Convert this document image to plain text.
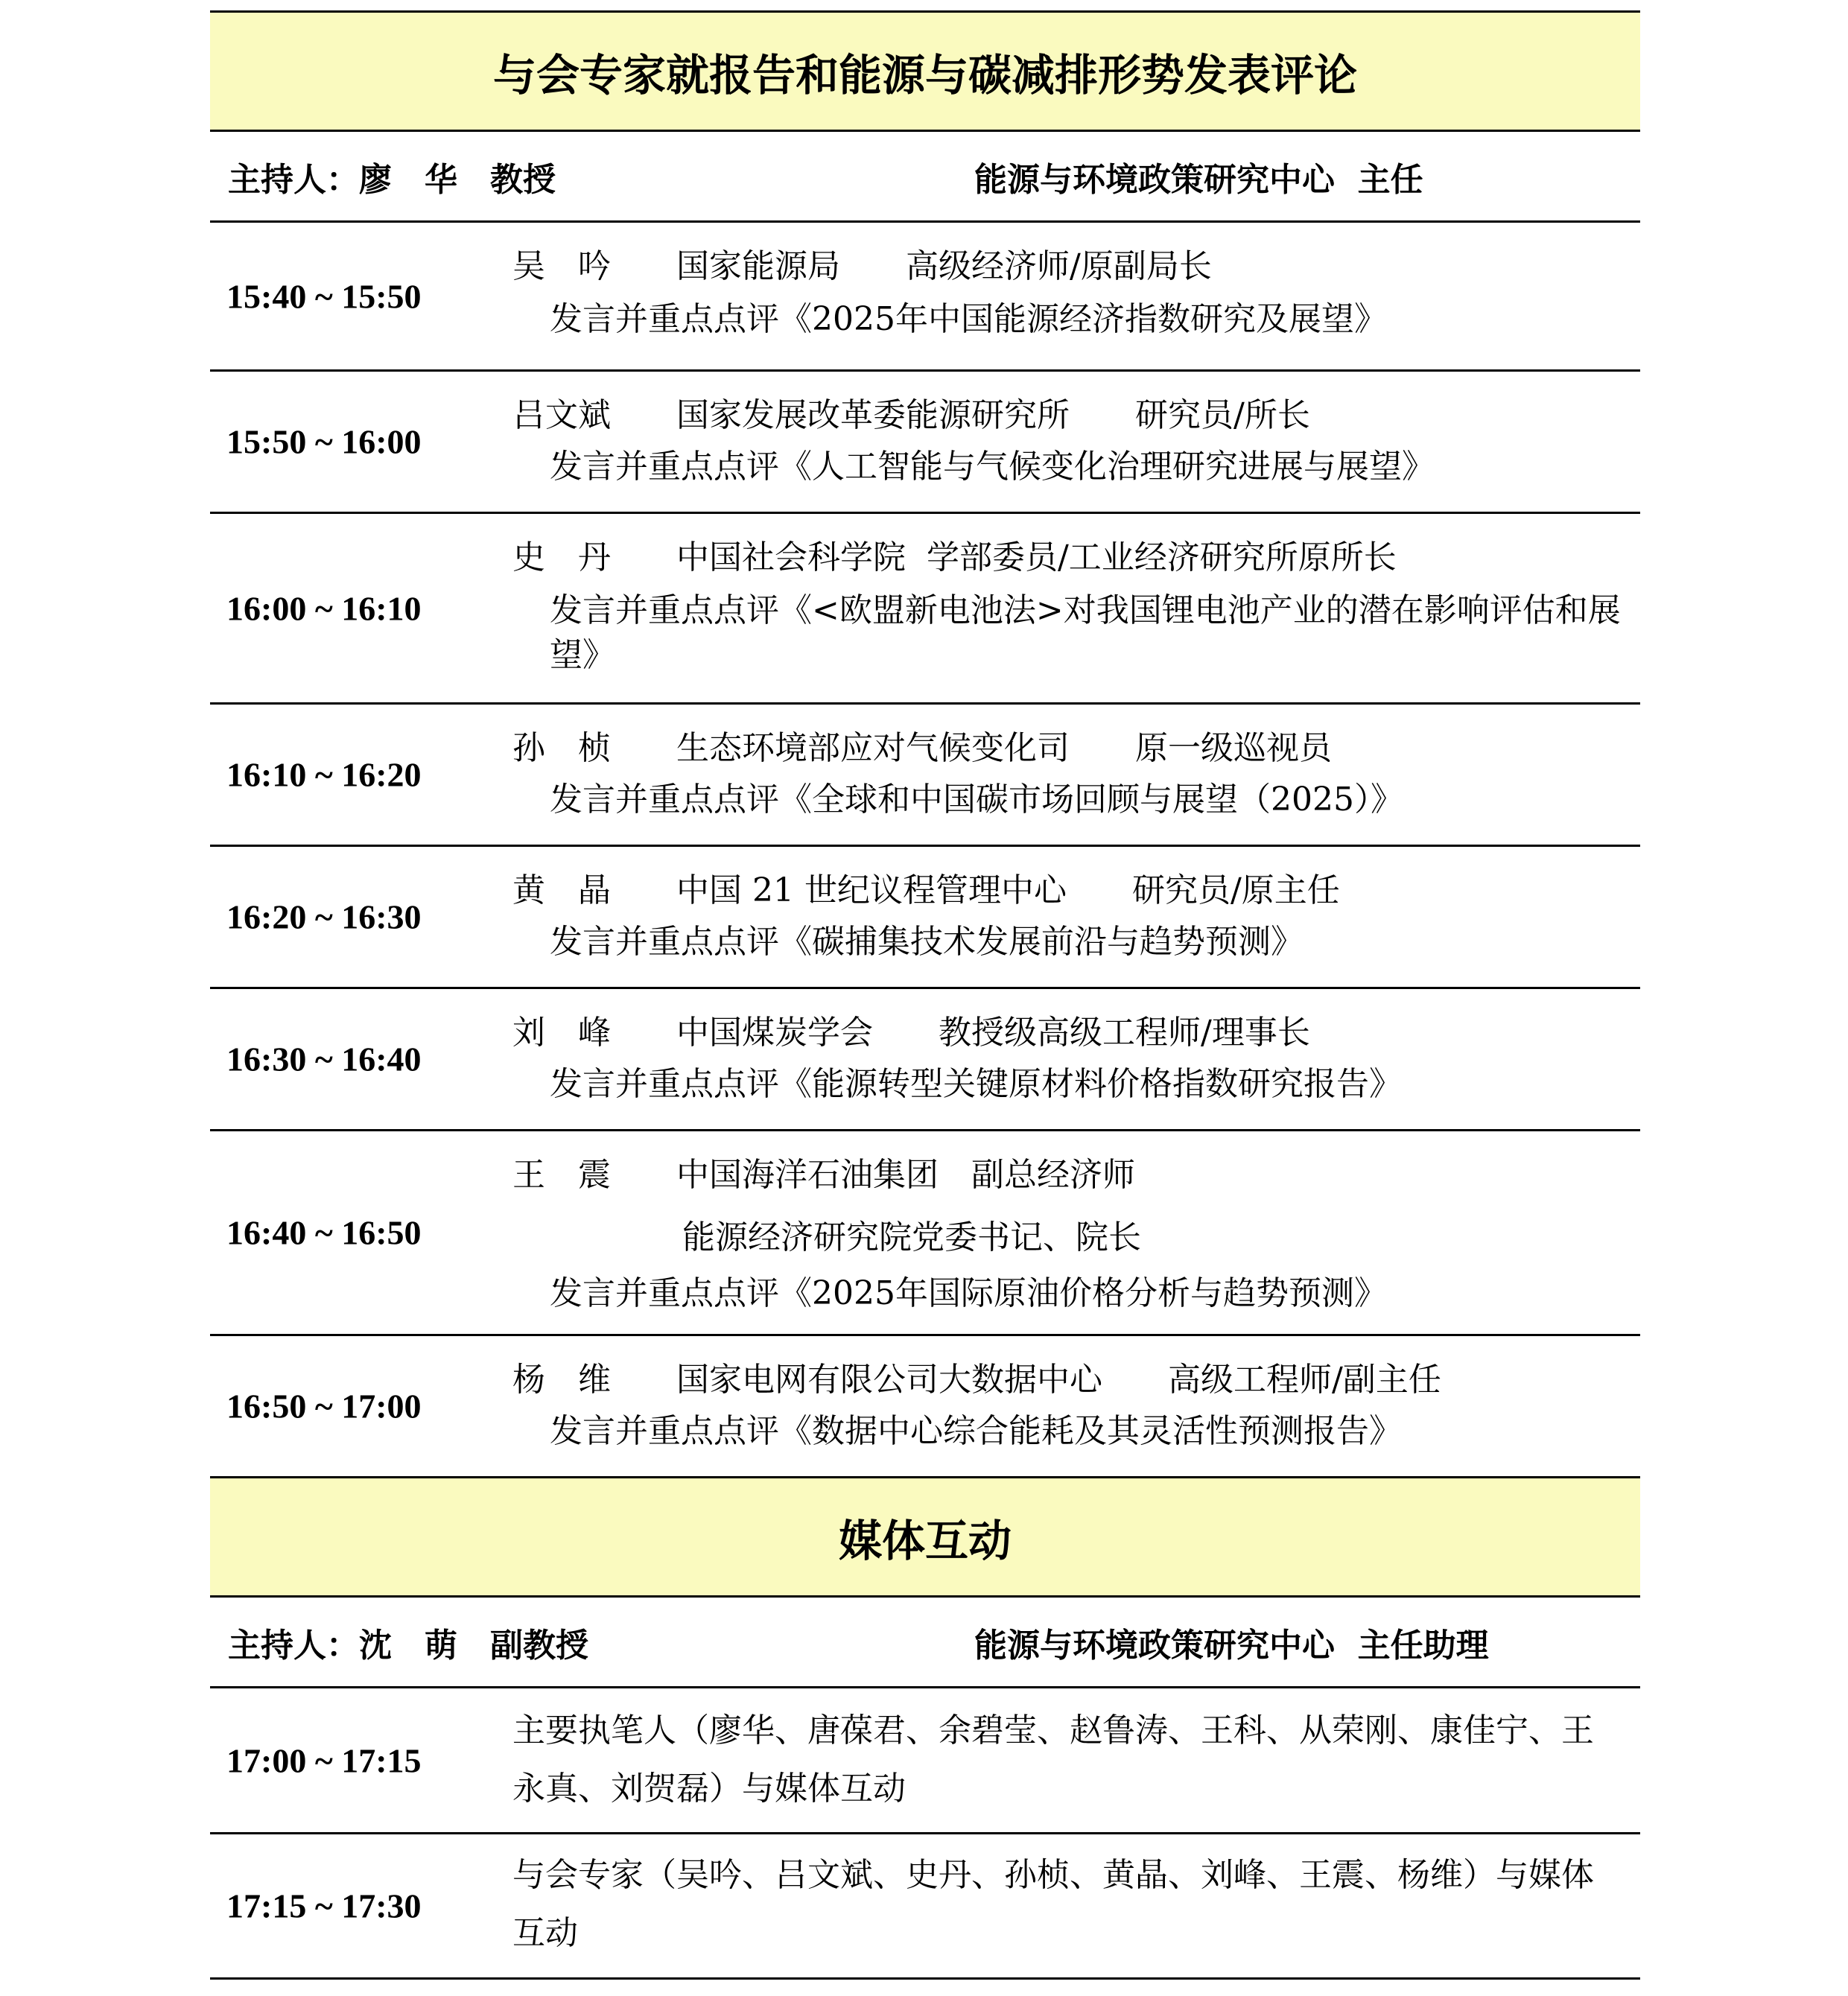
与会专家就报告和能源与碳减排形势发表评论
主持人：廖　华　教授	能源与环境政策研究中心  主任
15:40 ~ 15:50
吴　吟　　国家能源局　　高级经济师/原副局长
发言并重点点评《2025年中国能源经济指数研究及展望》
15:50 ~ 16:00
吕文斌　　国家发展改革委能源研究所　　研究员/所长
发言并重点点评《人工智能与气候变化治理研究进展与展望》
16:00 ~ 16:10
史　丹　　中国社会科学院  学部委员/工业经济研究所原所长
发言并重点点评《<欧盟新电池法>对我国锂电池产业的潜在影响评估和展望》
16:10 ~ 16:20
孙　桢　　生态环境部应对气候变化司　　原一级巡视员
发言并重点点评《全球和中国碳市场回顾与展望（2025）》
16:20 ~ 16:30
黄　晶　　中国 21 世纪议程管理中心　　研究员/原主任
发言并重点点评《碳捕集技术发展前沿与趋势预测》
16:30 ~ 16:40
刘　峰　　中国煤炭学会　　教授级高级工程师/理事长
发言并重点点评《能源转型关键原材料价格指数研究报告》
16:40 ~ 16:50
王　震　　中国海洋石油集团　副总经济师
能源经济研究院党委书记、院长
发言并重点点评《2025年国际原油价格分析与趋势预测》
16:50 ~ 17:00
杨　维　　国家电网有限公司大数据中心　　高级工程师/副主任
发言并重点点评《数据中心综合能耗及其灵活性预测报告》
媒体互动
主持人：沈　萌　副教授	能源与环境政策研究中心  主任助理
17:00 ~ 17:15
主要执笔人（廖华、唐葆君、余碧莹、赵鲁涛、王科、从荣刚、康佳宁、王永真、刘贺磊）与媒体互动
17:15 ~ 17:30
与会专家（吴吟、吕文斌、史丹、孙桢、黄晶、刘峰、王震、杨维）与媒体互动
